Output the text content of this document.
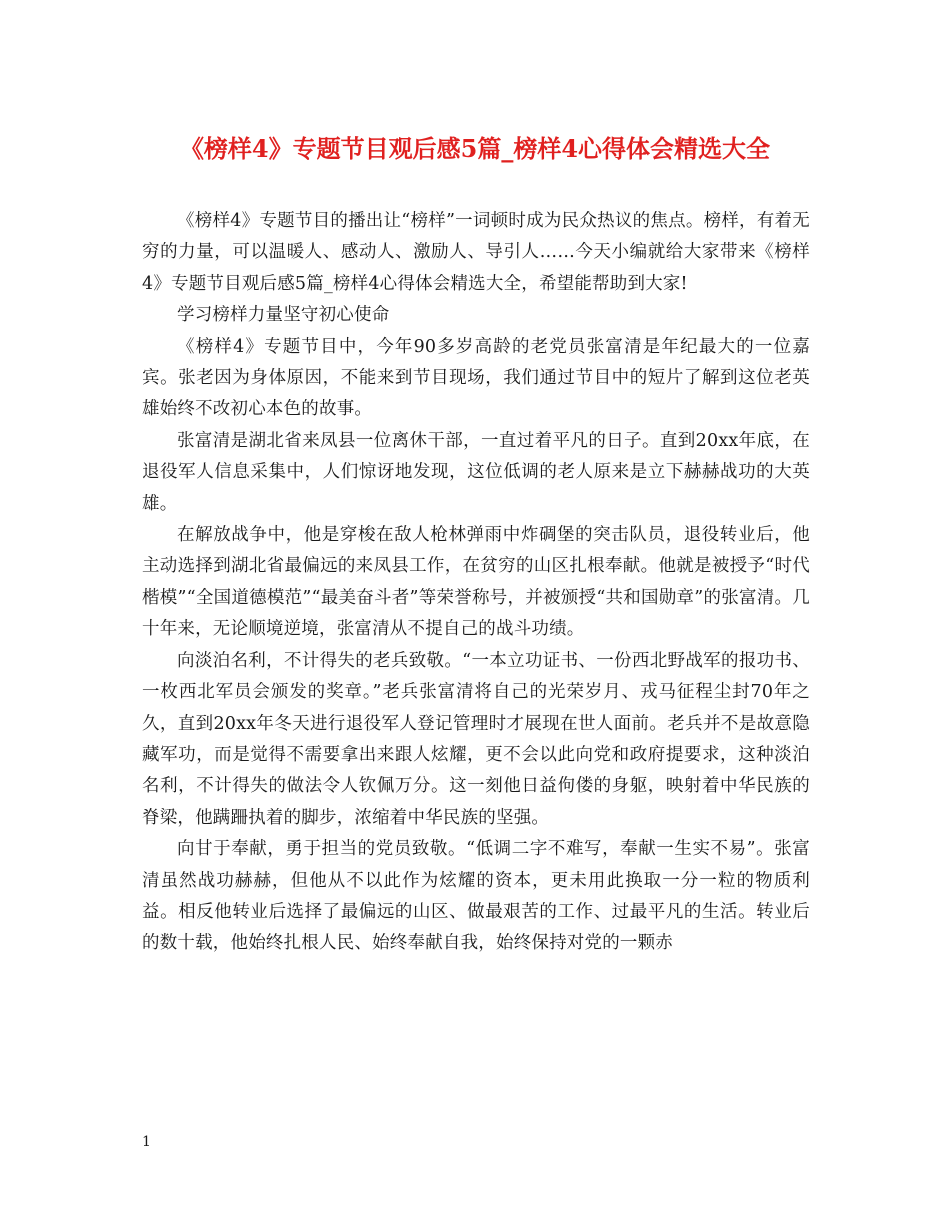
《榜样4》专题节目观后感5篇_榜样4心得体会精选大全

《榜样4》专题节目的播出让“榜样”一词顿时成为民众热议的焦点。榜样，有着无穷的力量，可以温暖人、感动人、激励人、导引人……今天小编就给大家带来《榜样4》专题节目观后感5篇_榜样4心得体会精选大全，希望能帮助到大家!

学习榜样力量坚守初心使命

《榜样4》专题节目中，今年90多岁高龄的老党员张富清是年纪最大的一位嘉宾。张老因为身体原因，不能来到节目现场，我们通过节目中的短片了解到这位老英雄始终不改初心本色的故事。

张富清是湖北省来凤县一位离休干部，一直过着平凡的日子。直到20xx年底，在退役军人信息采集中，人们惊讶地发现，这位低调的老人原来是立下赫赫战功的大英雄。

在解放战争中，他是穿梭在敌人枪林弹雨中炸碉堡的突击队员，退役转业后，他主动选择到湖北省最偏远的来凤县工作，在贫穷的山区扎根奉献。他就是被授予“时代楷模”“全国道德模范”“最美奋斗者”等荣誉称号，并被颁授“共和国勋章”的张富清。几十年来，无论顺境逆境，张富清从不提自己的战斗功绩。

向淡泊名利，不计得失的老兵致敬。“一本立功证书、一份西北野战军的报功书、一枚西北军员会颁发的奖章。”老兵张富清将自己的光荣岁月、戎马征程尘封70年之久，直到20xx年冬天进行退役军人登记管理时才展现在世人面前。老兵并不是故意隐藏军功，而是觉得不需要拿出来跟人炫耀，更不会以此向党和政府提要求，这种淡泊名利，不计得失的做法令人钦佩万分。这一刻他日益佝偻的身躯，映射着中华民族的脊梁，他蹒跚执着的脚步，浓缩着中华民族的坚强。

向甘于奉献，勇于担当的党员致敬。“低调二字不难写，奉献一生实不易”。张富清虽然战功赫赫，但他从不以此作为炫耀的资本，更未用此换取一分一粒的物质利益。相反他转业后选择了最偏远的山区、做最艰苦的工作、过最平凡的生活。转业后的数十载，他始终扎根人民、始终奉献自我，始终保持对党的一颗赤

1
